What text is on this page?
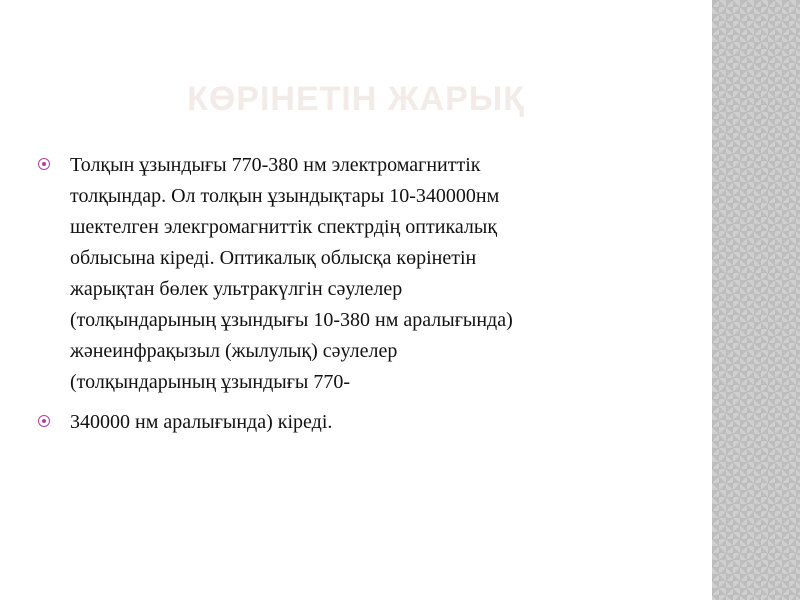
КӨРІНЕТІН ЖАРЫҚ
Толқын ұзындығы 770-380 нм электромагниттік
толқындар. Ол толқын ұзындықтары 10-340000нм
шектелген элекгромагниттік спектрдің оптикалық
облысына кіреді. Оптикалық облысқа көрінетін
жарықтан бөлек ультракүлгін сәулелер
(толқындарының ұзындығы 10-380 нм аралығында)
жәнеинфрақызыл (жылулық) сәулелер
(толқындарының ұзындығы 770-
340000 нм аралығында) кіреді.
